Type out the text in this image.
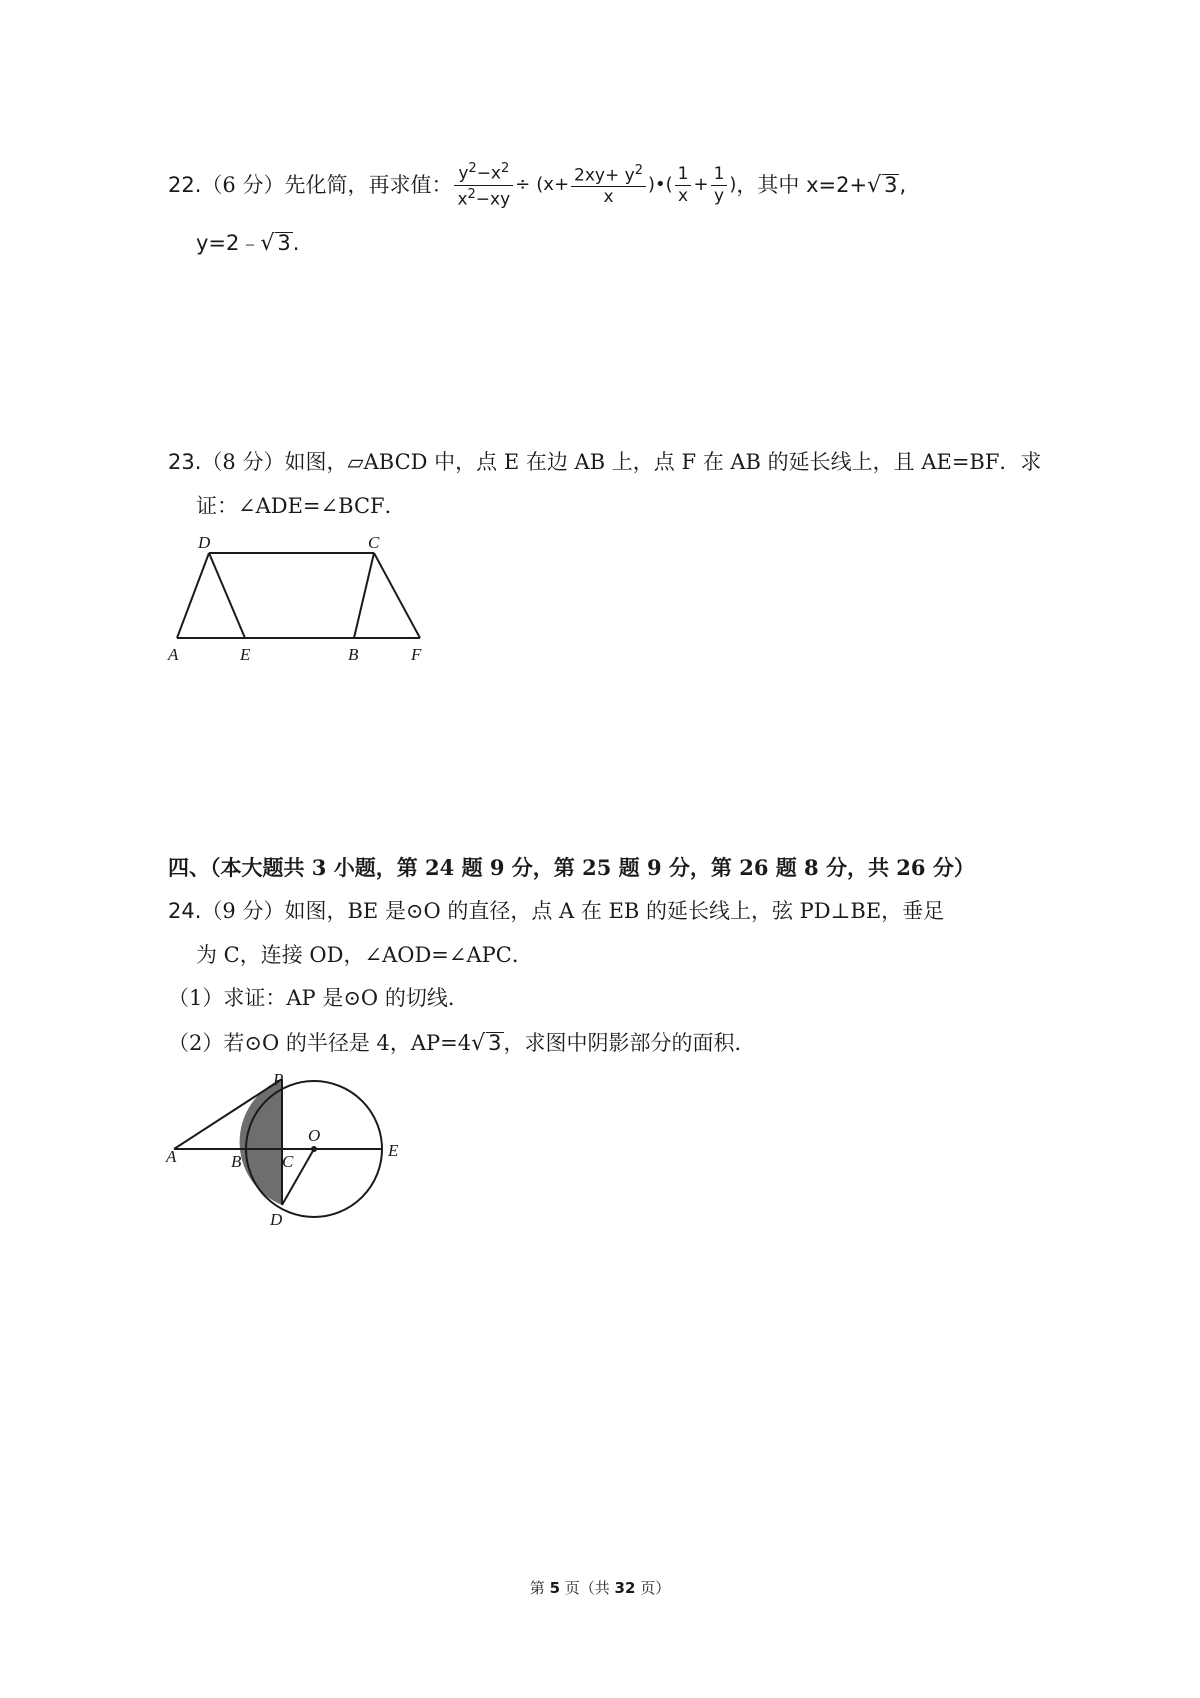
22. （6 分） 先化简，再求值： $\frac{y^2-x^2}{x^2-xy} \div (x+ \frac{2xy+ y^2}{x}$ )•( $\frac{1}{x} + \frac{1}{y}$ ) ，其中 x=2+ √ 3 ,
y=2﹣√ 3.
23.（8 分）如图，▱ABCD 中，点 E 在边 AB 上，点 F 在 AB 的延长线上，且 AE=BF．求
证：∠ADE=∠BCF．
D	C
A	E	B	F
四、（本大题共 3 小题，第 24 题 9 分，第 25 题 9 分，第 26 题 8 分，共 26 分）
24.（9 分）如图，BE 是⊙O 的直径，点 A 在 EB 的延长线上，弦 PD⊥BE，垂足
为 C，连接 OD，∠AOD=∠APC．
（1）求证：AP 是⊙O 的切线．
（2）若⊙O 的半径是 4，AP=4√ 3，求图中阴影部分的面积．
P
O
A	B C
E
D
第 5 页（共 32 页）
